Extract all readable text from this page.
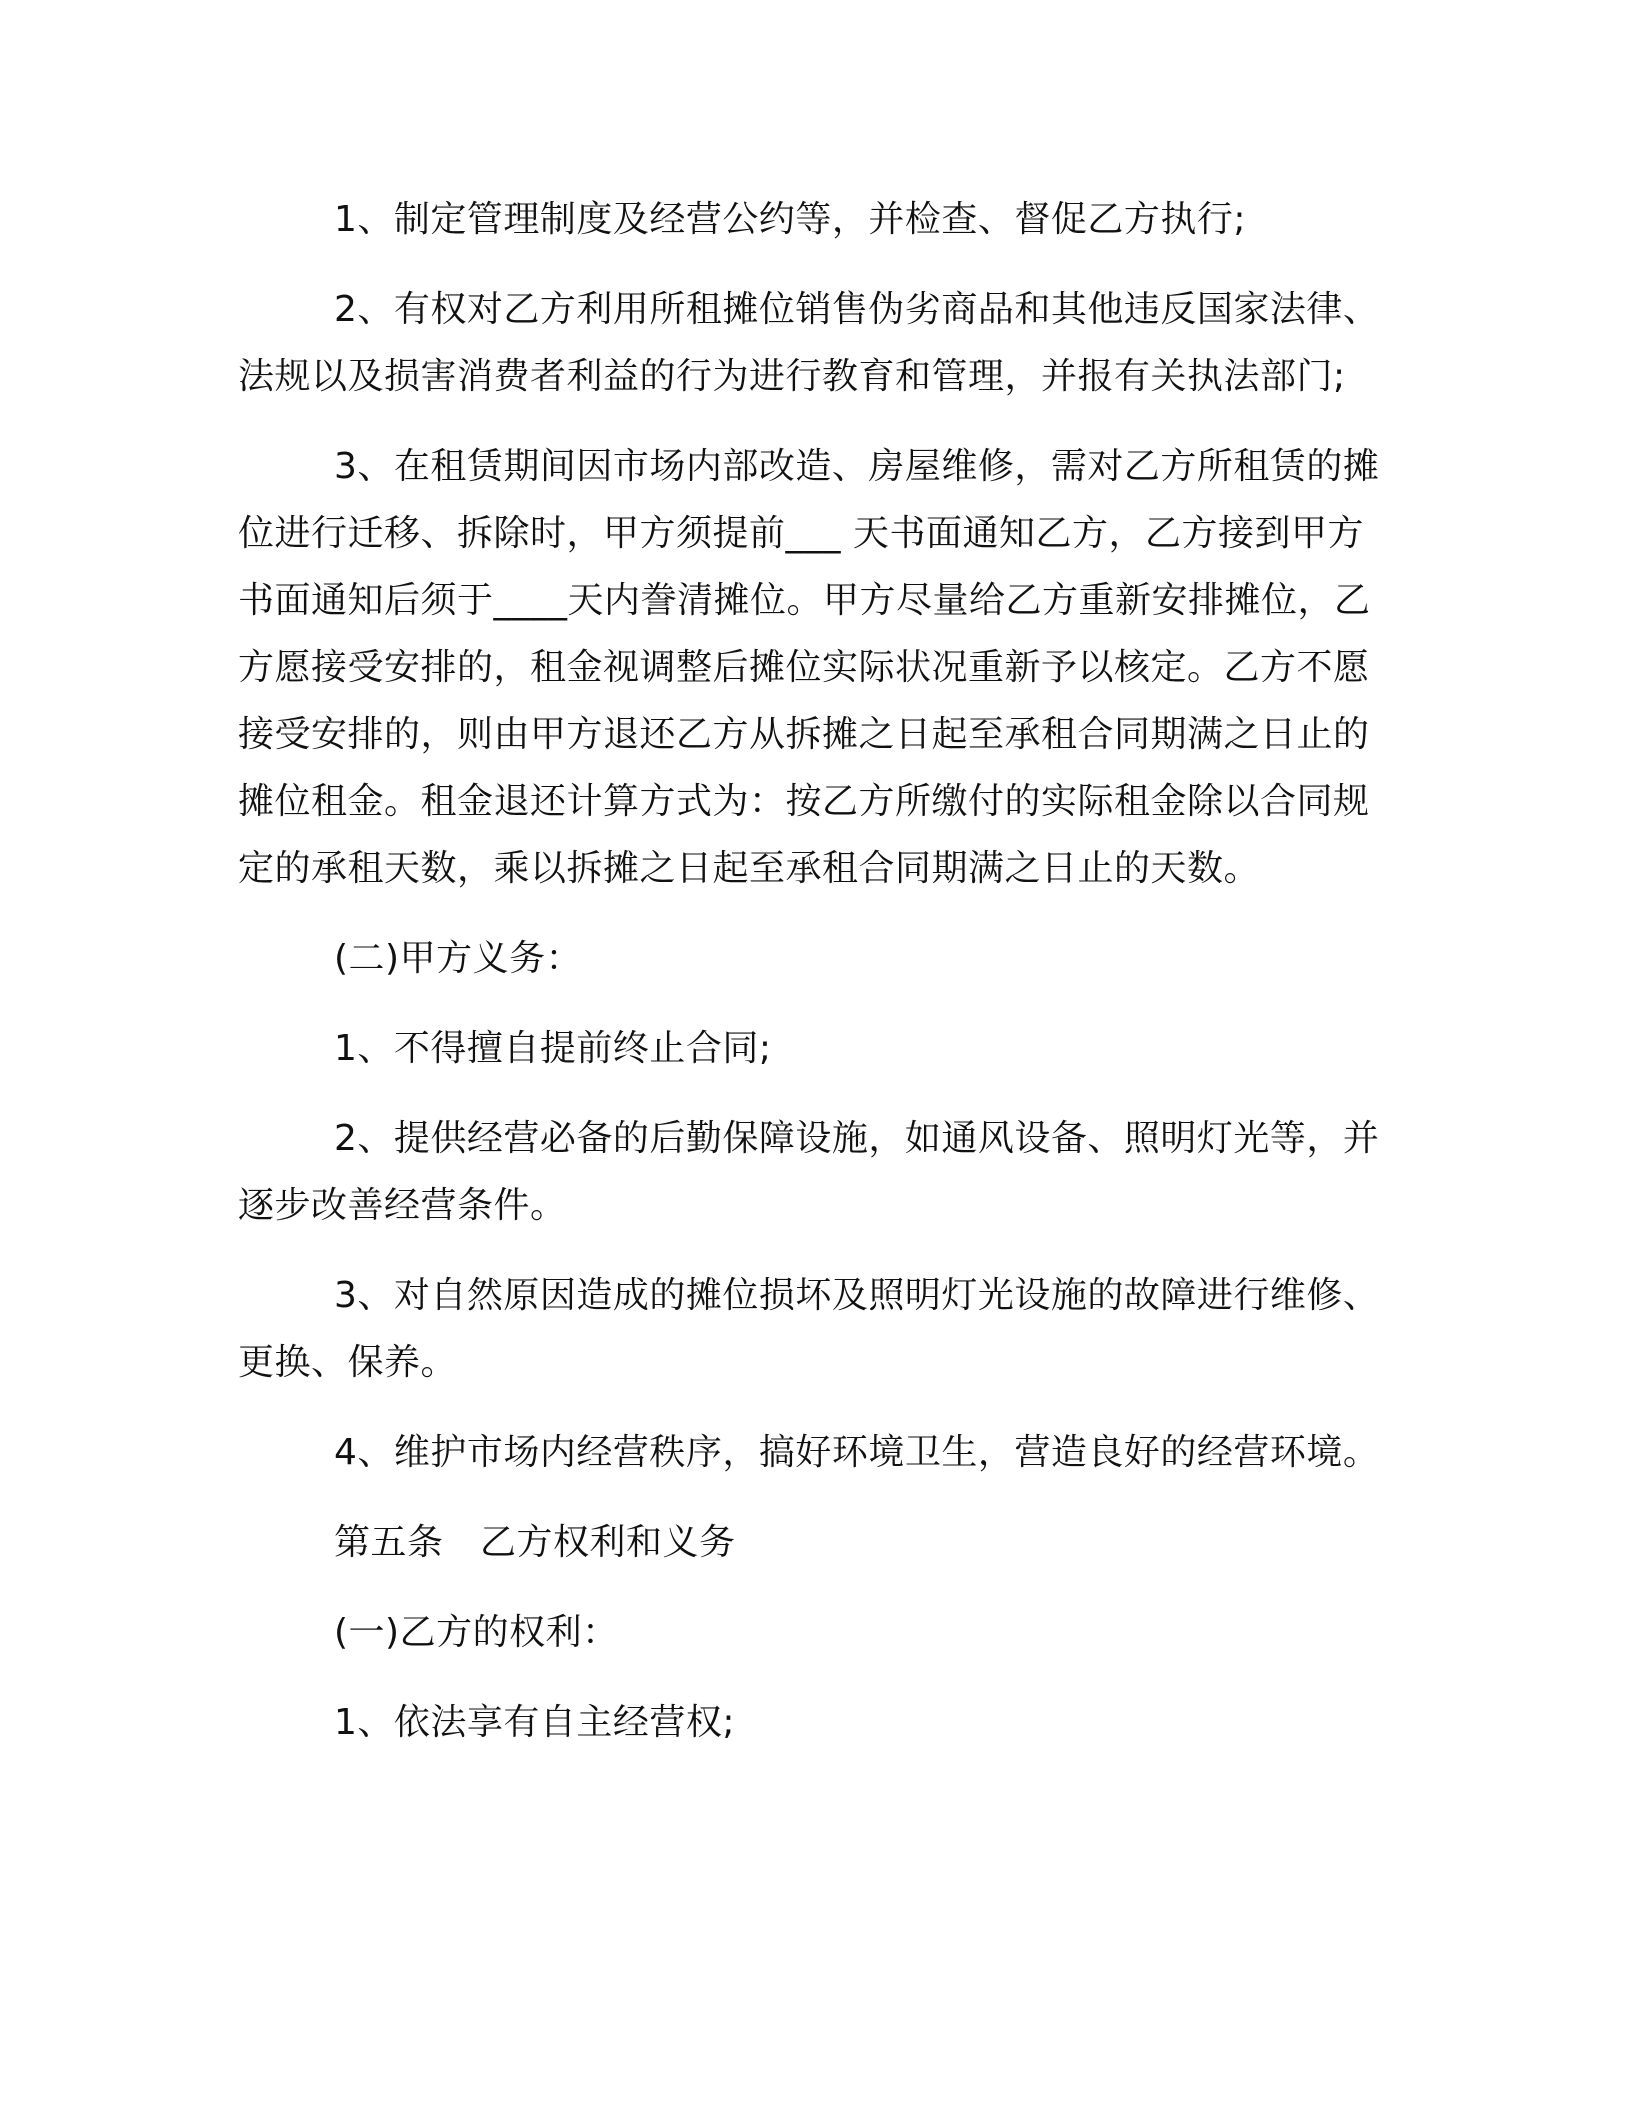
1、制定管理制度及经营公约等，并检查、督促乙方执行;

2、有权对乙方利用所租摊位销售伪劣商品和其他违反国家法律、法规以及损害消费者利益的行为进行教育和管理，并报有关执法部门;

3、在租赁期间因市场内部改造、房屋维修，需对乙方所租赁的摊位进行迁移、拆除时，甲方须提前___ 天书面通知乙方，乙方接到甲方书面通知后须于____天内誊清摊位。甲方尽量给乙方重新安排摊位，乙方愿接受安排的，租金视调整后摊位实际状况重新予以核定。乙方不愿接受安排的，则由甲方退还乙方从拆摊之日起至承租合同期满之日止的摊位租金。租金退还计算方式为：按乙方所缴付的实际租金除以合同规定的承租天数，乘以拆摊之日起至承租合同期满之日止的天数。

(二)甲方义务：

1、不得擅自提前终止合同;

2、提供经营必备的后勤保障设施，如通风设备、照明灯光等，并逐步改善经营条件。

3、对自然原因造成的摊位损坏及照明灯光设施的故障进行维修、更换、保养。

4、维护市场内经营秩序，搞好环境卫生，营造良好的经营环境。

第五条　乙方权利和义务

(一)乙方的权利：

1、依法享有自主经营权;
